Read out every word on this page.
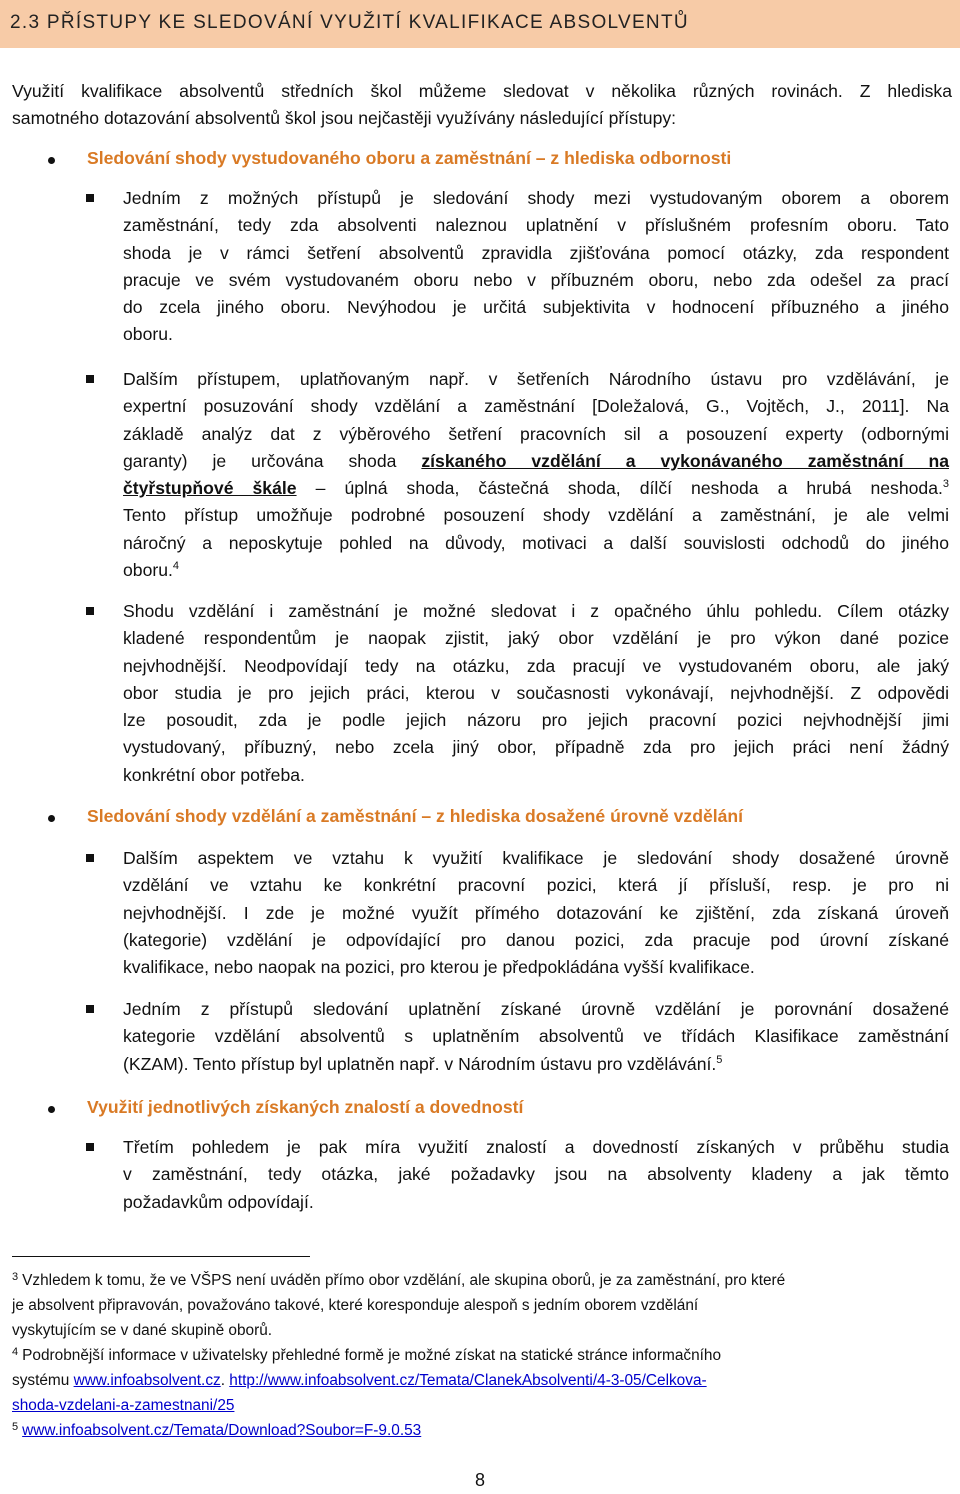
2.3 PŘÍSTUPY KE SLEDOVÁNÍ VYUŽITÍ KVALIFIKACE ABSOLVENTŮ
Využití kvalifikace absolventů středních škol můžeme sledovat v několika různých rovinách. Z hlediska
samotného dotazování absolventů škol jsou nejčastěji využívány následující přístupy:
Sledování shody vystudovaného oboru a zaměstnání – z hlediska odbornosti
Jedním z možných přístupů je sledování shody mezi vystudovaným oborem a oborem
zaměstnání, tedy zda absolventi naleznou uplatnění v příslušném profesním oboru. Tato
shoda je v rámci šetření absolventů zpravidla zjišťována pomocí otázky, zda respondent
pracuje ve svém vystudovaném oboru nebo v příbuzném oboru, nebo zda odešel za prací
do zcela jiného oboru. Nevýhodou je určitá subjektivita v hodnocení příbuzného a jiného
oboru.
Dalším přístupem, uplatňovaným např. v šetřeních Národního ústavu pro vzdělávání, je
expertní posuzování shody vzdělání a zaměstnání [Doležalová, G., Vojtěch, J., 2011]. Na
základě analýz dat z výběrového šetření pracovních sil a posouzení experty (odbornými
garanty) je určována shoda získaného vzdělání a vykonávaného zaměstnání na
čtyřstupňové škále – úplná shoda, částečná shoda, dílčí neshoda a hrubá neshoda.$^3$
Tento přístup umožňuje podrobné posouzení shody vzdělání a zaměstnání, je ale velmi
náročný a neposkytuje pohled na důvody, motivaci a další souvislosti odchodů do jiného
oboru.$^4$
Shodu vzdělání i zaměstnání je možné sledovat i z opačného úhlu pohledu. Cílem otázky
kladené respondentům je naopak zjistit, jaký obor vzdělání je pro výkon dané pozice
nejvhodnější. Neodpovídají tedy na otázku, zda pracují ve vystudovaném oboru, ale jaký
obor studia je pro jejich práci, kterou v současnosti vykonávají, nejvhodnější. Z odpovědi
lze posoudit, zda je podle jejich názoru pro jejich pracovní pozici nejvhodnější jimi
vystudovaný, příbuzný, nebo zcela jiný obor, případně zda pro jejich práci není žádný
konkrétní obor potřeba.
Sledování shody vzdělání a zaměstnání – z hlediska dosažené úrovně vzdělání
Dalším aspektem ve vztahu k využití kvalifikace je sledování shody dosažené úrovně
vzdělání ve vztahu ke konkrétní pracovní pozici, která jí přísluší, resp. je pro ni
nejvhodnější. I zde je možné využít přímého dotazování ke zjištění, zda získaná úroveň
(kategorie) vzdělání je odpovídající pro danou pozici, zda pracuje pod úrovní získané
kvalifikace, nebo naopak na pozici, pro kterou je předpokládána vyšší kvalifikace.
Jedním z přístupů sledování uplatnění získané úrovně vzdělání je porovnání dosažené
kategorie vzdělání absolventů s uplatněním absolventů ve třídách Klasifikace zaměstnání
(KZAM). Tento přístup byl uplatněn např. v Národním ústavu pro vzdělávání.$^5$
Využití jednotlivých získaných znalostí a dovedností
Třetím pohledem je pak míra využití znalostí a dovedností získaných v průběhu studia
v zaměstnání, tedy otázka, jaké požadavky jsou na absolventy kladeny a jak těmto
požadavkům odpovídají.
$^3$ Vzhledem k tomu, že ve VŠPS není uváděn přímo obor vzdělání, ale skupina oborů, je za zaměstnání, pro které
je absolvent připravován, považováno takové, které koresponduje alespoň s jedním oborem vzdělání
vyskytujícím se v dané skupině oborů.
$^4$ Podrobnější informace v uživatelsky přehledné formě je možné získat na statické stránce informačního
systému www.infoabsolvent.cz. http://www.infoabsolvent.cz/Temata/ClanekAbsolventi/4-3-05/Celkova-
shoda-vzdelani-a-zamestnani/25
$^5$ www.infoabsolvent.cz/Temata/Download?Soubor=F-9.0.53
8
